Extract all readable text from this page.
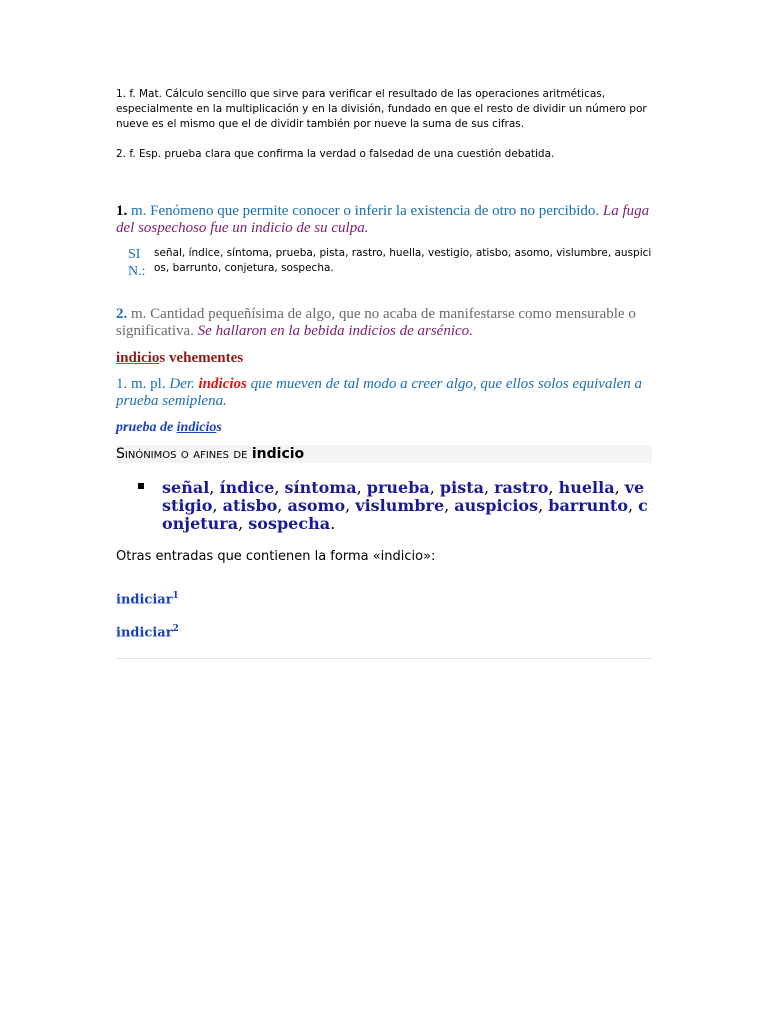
1. f. Mat. Cálculo sencillo que sirve para verificar el resultado de las operaciones aritméticas, especialmente en la multiplicación y en la división, fundado en que el resto de dividir un número por nueve es el mismo que el de dividir también por nueve la suma de sus cifras.
2. f. Esp. prueba clara que confirma la verdad o falsedad de una cuestión debatida.
1. m. Fenómeno que permite conocer o inferir la existencia de otro no percibido. La fuga del sospechoso fue un indicio de su culpa.
SIN.:
señal, índice, síntoma, prueba, pista, rastro, huella, vestigio, atisbo, asomo, vislumbre, auspicios, barrunto, conjetura, sospecha.
2. m. Cantidad pequeñísima de algo, que no acaba de manifestarse como mensurable o significativa. Se hallaron en la bebida indicios de arsénico.
indicios vehementes
1. m. pl. Der. indicios que mueven de tal modo a creer algo, que ellos solos equivalen a prueba semiplena.
prueba de indicios
Sinónimos o afines de indicio
señal, índice, síntoma, prueba, pista, rastro, huella, vestigio, atisbo, asomo, vislumbre, auspicios, barrunto, conjetura, sospecha.
Otras entradas que contienen la forma «indicio»:
indiciar$^1$
indiciar$^2$
